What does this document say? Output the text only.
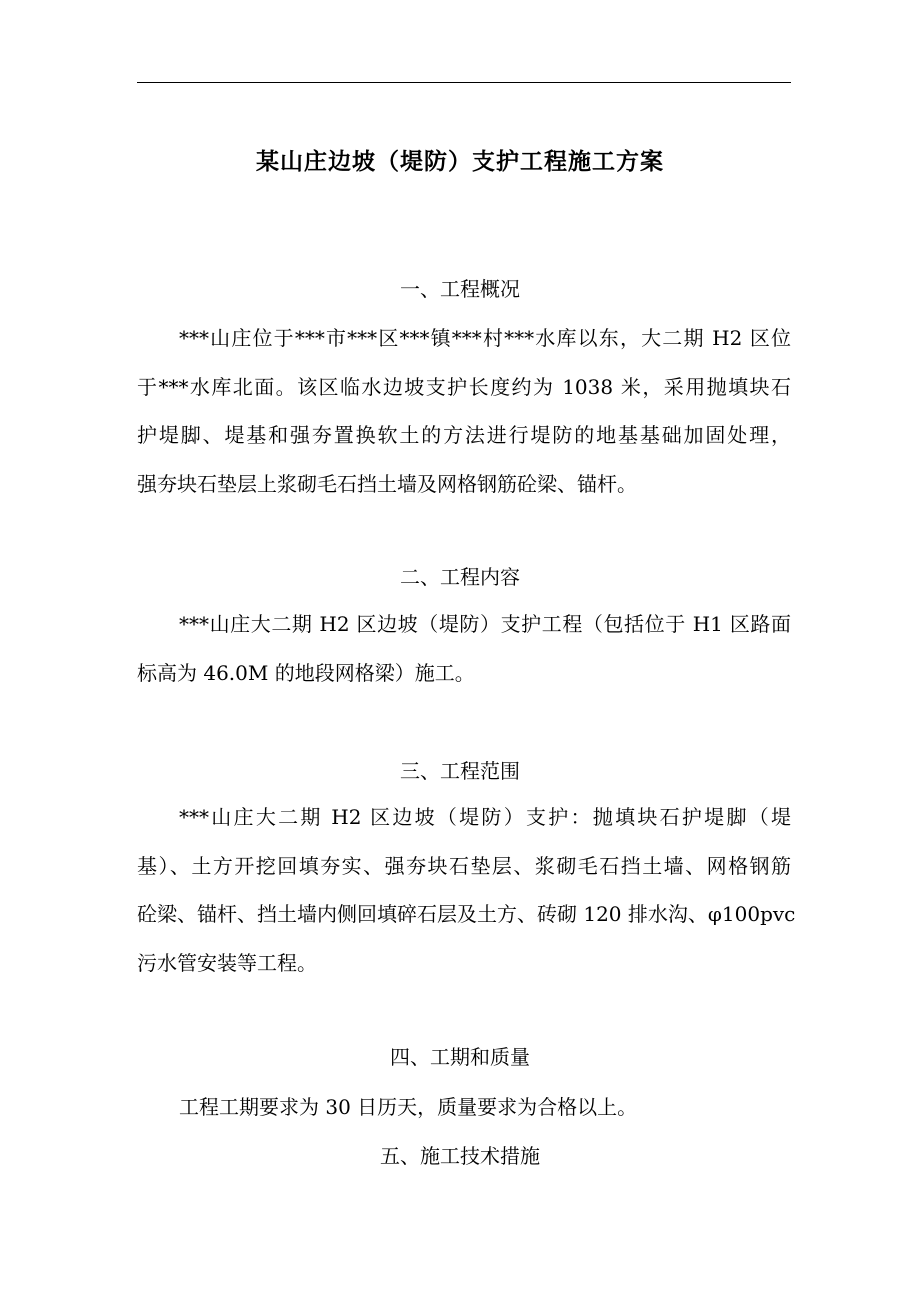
某山庄边坡（堤防）支护工程施工方案
一、工程概况
***山庄位于***市***区***镇***村***水库以东，大二期 H2 区位
于***水库北面。该区临水边坡支护长度约为 1038 米，采用抛填块石
护堤脚、堤基和强夯置换软土的方法进行堤防的地基基础加固处理，
强夯块石垫层上浆砌毛石挡土墙及网格钢筋砼梁、锚杆。
二、工程内容
***山庄大二期 H2 区边坡（堤防）支护工程（包括位于 H1 区路面
标高为 46.0M 的地段网格梁）施工。
三、工程范围
***山庄大二期 H2 区边坡（堤防）支护：抛填块石护堤脚（堤
基）、土方开挖回填夯实、强夯块石垫层、浆砌毛石挡土墙、网格钢筋
砼梁、锚杆、挡土墙内侧回填碎石层及土方、砖砌 120 排水沟、φ100pvc
污水管安装等工程。
四、工期和质量
工程工期要求为 30 日历天，质量要求为合格以上。
五、施工技术措施
